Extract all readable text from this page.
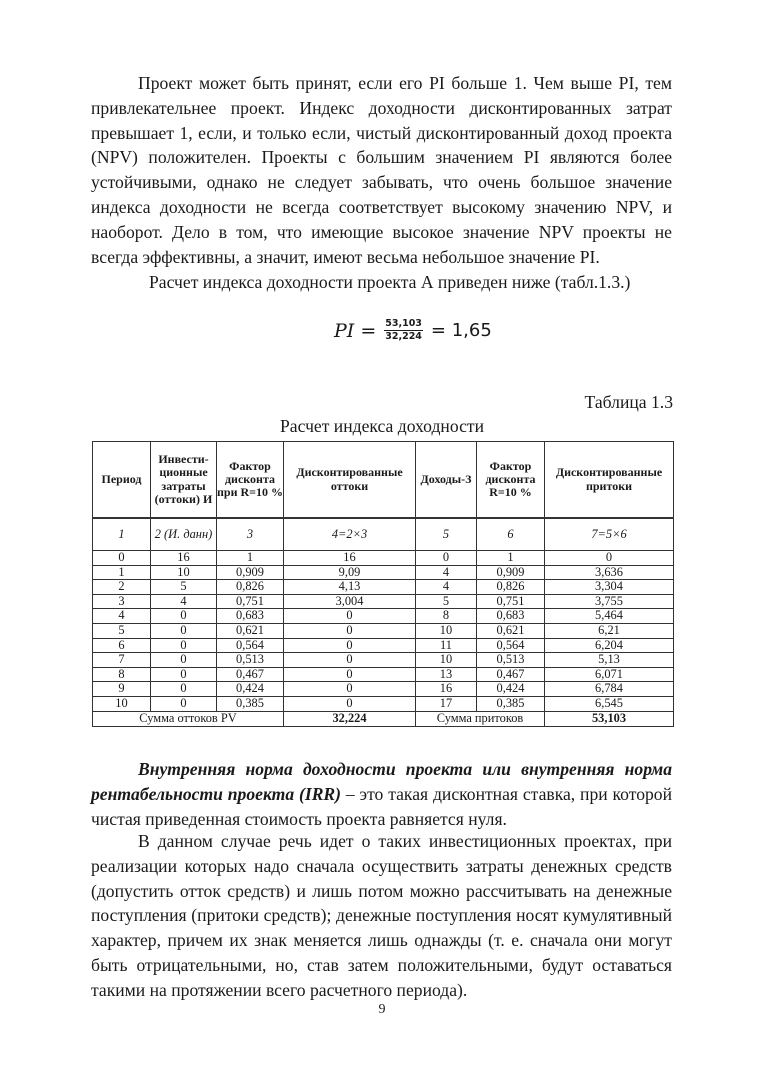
Проект может быть принят, если его PI больше 1. Чем выше PI, тем привлекательнее проект. Индекс доходности дисконтированных затрат превышает 1, если, и только если, чистый дисконтированный доход проекта (NPV) положителен. Проекты с большим значением PI являются более устойчивыми, однако не следует забывать, что очень большое значение индекса доходности не всегда соответствует высокому значению NPV, и наоборот. Дело в том, что имеющие высокое значение NPV проекты не всегда эффективны, а значит, имеют весьма небольшое значение PI.

Расчет индекса доходности проекта А приведен ниже (табл.1.3.)

PI = $\frac{53,103}{32,224} = 1,65$
Таблица 1.3
Расчет индекса доходности
Период	Инвести-ционные затраты (оттоки) И	Фактор дисконта при R=10 %	Дисконтированные оттоки	Доходы-З	Фактор дисконта R=10 %	Дисконтированные притоки
1	2 (И. данн)	3	4=2×3	5	6	7=5×6
0	16	1	16	0	1	0
1	10	0,909	9,09	4	0,909	3,636
2	5	0,826	4,13	4	0,826	3,304
3	4	0,751	3,004	5	0,751	3,755
4	0	0,683	0	8	0,683	5,464
5	0	0,621	0	10	0,621	6,21
6	0	0,564	0	11	0,564	6,204
7	0	0,513	0	10	0,513	5,13
8	0	0,467	0	13	0,467	6,071
9	0	0,424	0	16	0,424	6,784
10	0	0,385	0	17	0,385	6,545
Сумма оттоков PV			32,224	Сумма притоков		53,103

Внутренняя норма доходности проекта или внутренняя норма рентабельности проекта (IRR) – это такая дисконтная ставка, при которой чистая приведенная стоимость проекта равняется нуля.

В данном случае речь идет о таких инвестиционных проектах, при реализации которых надо сначала осуществить затраты денежных средств (допустить отток средств) и лишь потом можно рассчитывать на денежные поступления (притоки средств); денежные поступления носят кумулятивный характер, причем их знак меняется лишь однажды (т. е. сначала они могут быть отрицательными, но, став затем положительными, будут оставаться такими на протяжении всего расчетного периода).

9
